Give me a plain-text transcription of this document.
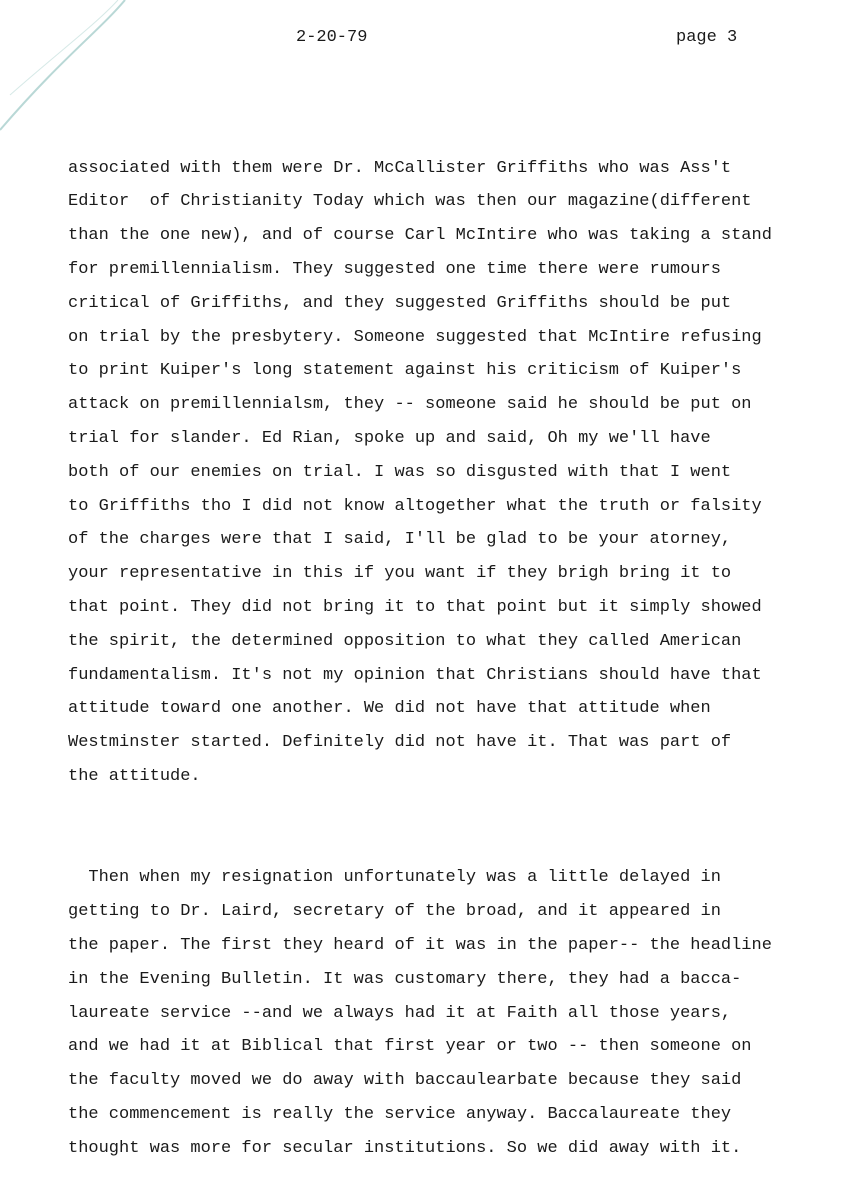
2-20-79	page 3

associated with them were Dr. McCallister Griffiths who was Ass't
Editor  of Christianity Today which was then our magazine(different
than the one new), and of course Carl McIntire who was taking a stand
for premillennialism. They suggested one time there were rumours
critical of Griffiths, and they suggested Griffiths should be put
on trial by the presbytery. Someone suggested that McIntire refusing
to print Kuiper's long statement against his criticism of Kuiper's
attack on premillennialsm, they -- someone said he should be put on
trial for slander. Ed Rian, spoke up and said, Oh my we'll have
both of our enemies on trial. I was so disgusted with that I went
to Griffiths tho I did not know altogether what the truth or falsity
of the charges were that I said, I'll be glad to be your atorney,
your representative in this if you want if they brigh bring it to
that point. They did not bring it to that point but it simply showed
the spirit, the determined opposition to what they called American
fundamentalism. It's not my opinion that Christians should have that
attitude toward one another. We did not have that attitude when
Westminster started. Definitely did not have it. That was part of
the attitude.

Then when my resignation unfortunately was a little delayed in
getting to Dr. Laird, secretary of the broad, and it appeared in
the paper. The first they heard of it was in the paper-- the headline
in the Evening Bulletin. It was customary there, they had a bacca-
laureate service --and we always had it at Faith all those years,
and we had it at Biblical that first year or two -- then someone on
the faculty moved we do away with baccaulearbate because they said
the commencement is really the service anyway. Baccalaureate they
thought was more for secular institutions. So we did away with it.
